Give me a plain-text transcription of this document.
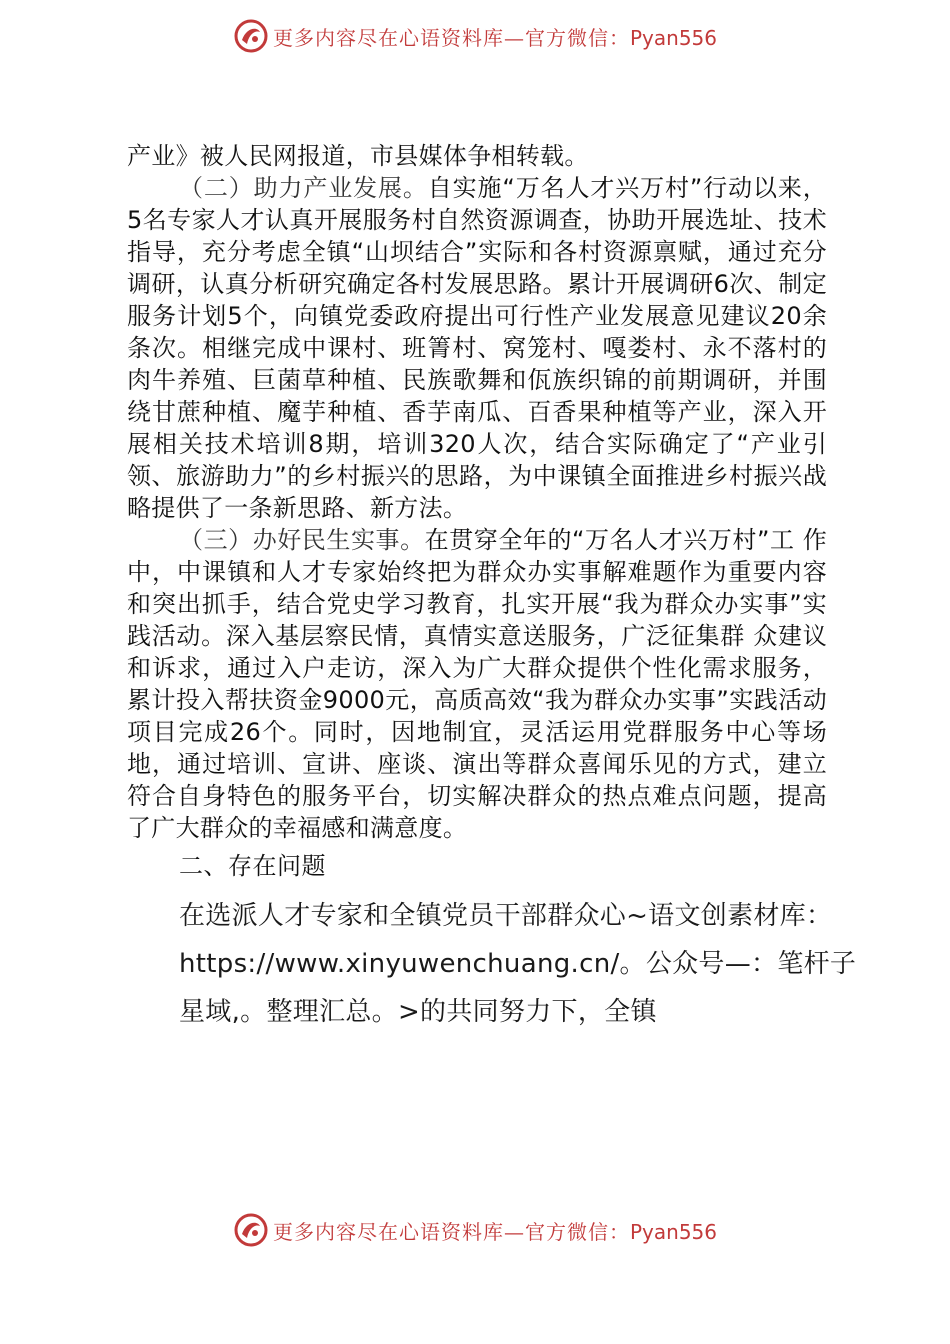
更多内容尽在心语资料库—官方微信：Pyan556

产业》被人民网报道，市县媒体争相转载。

（二）助力产业发展。自实施“万名人才兴万村”行动以来，5名专家人才认真开展服务村自然资源调查，协助开展选址、技术指导，充分考虑全镇“山坝结合”实际和各村资源禀赋，通过充分调研，认真分析研究确定各村发展思路。累计开展调研6次、制定服务计划5个，向镇党委政府提出可行性产业发展意见建议20余条次。相继完成中课村、班箐村、窝笼村、嘎娄村、永不落村的肉牛养殖、巨菌草种植、民族歌舞和佤族织锦的前期调研，并围绕甘蔗种植、魔芋种植、香芋南瓜、百香果种植等产业，深入开展相关技术培训8期，培训320人次，结合实际确定了“产业引领、旅游助力”的乡村振兴的思路，为中课镇全面推进乡村振兴战略提供了一条新思路、新方法。

（三）办好民生实事。在贯穿全年的“万名人才兴万村”工 作中，中课镇和人才专家始终把为群众办实事解难题作为重要内容和突出抓手，结合党史学习教育，扎实开展“我为群众办实事”实践活动。深入基层察民情，真情实意送服务，广泛征集群 众建议和诉求，通过入户走访，深入为广大群众提供个性化需求服务，累计投入帮扶资金9000元，高质高效“我为群众办实事”实践活动项目完成26个。同时，因地制宜，灵活运用党群服务中心等场地，通过培训、宣讲、座谈、演出等群众喜闻乐见的方式，建立符合自身特色的服务平台，切实解决群众的热点难点问题，提高了广大群众的幸福感和满意度。

二、存在问题

在选派人才专家和全镇党员干部群众心~语文创素材库：https://www.xinyuwenchuang.cn/。公众号—：笔杆子星域,。整理汇总。>的共同努力下，全镇

更多内容尽在心语资料库—官方微信：Pyan556
